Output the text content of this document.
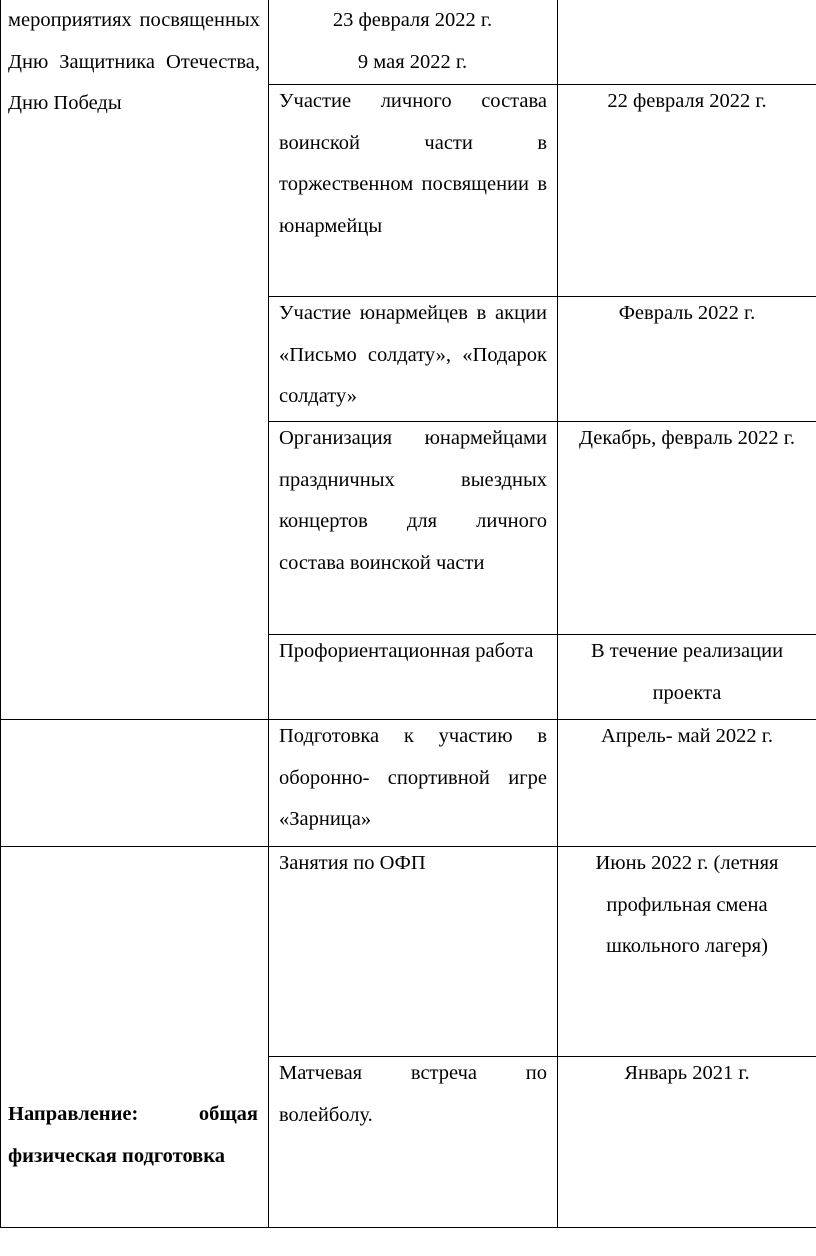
мероприятиях посвященных Дню Защитника Отечества, Дню Победы

23 февраля 2022 г.

9 мая 2022 г.

Участие личного состава воинской части в торжественном посвящении в юнармейцы
22 февраля 2022 г.
Участие юнармейцев в акции «Письмо солдату», «Подарок солдату»
Февраль 2022 г.
Организация юнармейцами праздничных выездных концертов для личного состава воинской части
Декабрь, февраль 2022 г.
Профориентационная работа	В течение реализации проекта
Подготовка к участию в оборонно- спортивной игре «Зарница»
Апрель- май 2022 г.
Занятия по ОФП	Июнь 2022 г. (летняя профильная смена школьного лагеря)
Матчевая встреча по волейболу.
Январь 2021 г.
Направление: общая физическая подготовка
